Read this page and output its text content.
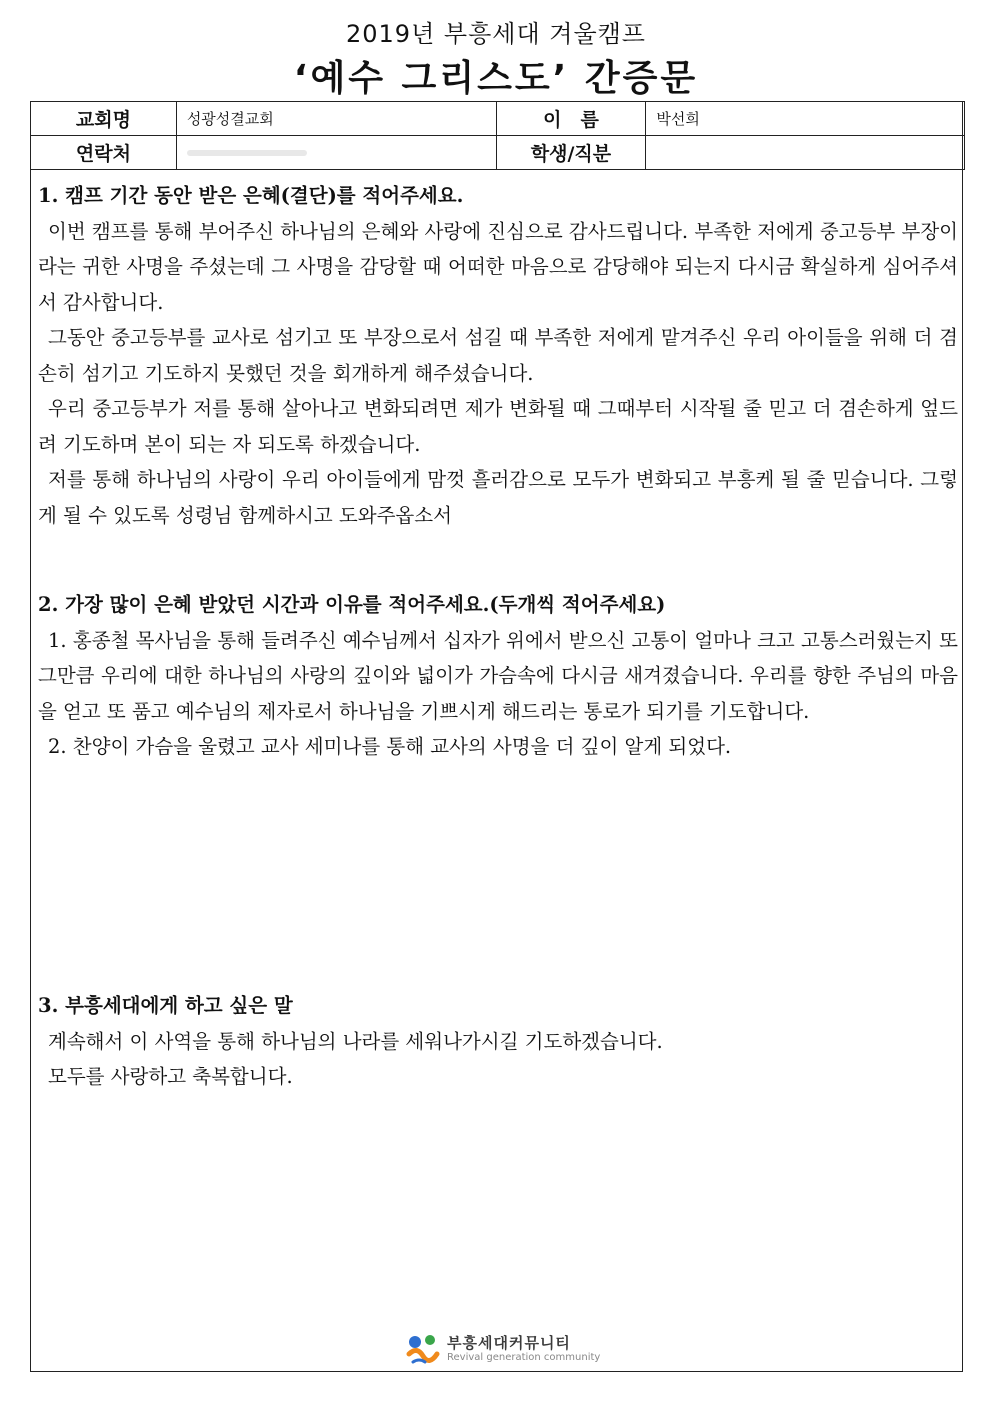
2019년 부흥세대 겨울캠프
‘예수 그리스도’ 간증문
교회명	성광성결교회	이　름	박선희
연락처		학생/직분	
1. 캠프 기간 동안 받은 은혜(결단)를 적어주세요.
이번 캠프를 통해 부어주신 하나님의 은혜와 사랑에 진심으로 감사드립니다. 부족한 저에게 중고등부 부장이라는 귀한 사명을 주셨는데 그 사명을 감당할 때 어떠한 마음으로 감당해야 되는지 다시금 확실하게 심어주셔서 감사합니다.
그동안 중고등부를 교사로 섬기고 또 부장으로서 섬길 때 부족한 저에게 맡겨주신 우리 아이들을 위해 더 겸손히 섬기고 기도하지 못했던 것을 회개하게 해주셨습니다.
우리 중고등부가 저를 통해 살아나고 변화되려면 제가 변화될 때 그때부터 시작될 줄 믿고 더 겸손하게 엎드려 기도하며 본이 되는 자 되도록 하겠습니다.
저를 통해 하나님의 사랑이 우리 아이들에게 맘껏 흘러감으로 모두가 변화되고 부흥케 될 줄 믿습니다. 그렇게 될 수 있도록 성령님 함께하시고 도와주옵소서
2. 가장 많이 은혜 받았던 시간과 이유를 적어주세요.(두개씩 적어주세요)
1. 홍종철 목사님을 통해 들려주신 예수님께서 십자가 위에서 받으신 고통이 얼마나 크고 고통스러웠는지 또 그만큼 우리에 대한 하나님의 사랑의 깊이와 넓이가 가슴속에 다시금 새겨졌습니다. 우리를 향한 주님의 마음을 얻고 또 품고 예수님의 제자로서 하나님을 기쁘시게 해드리는 통로가 되기를 기도합니다.
2. 찬양이 가슴을 울렸고 교사 세미나를 통해 교사의 사명을 더 깊이 알게 되었다.
3. 부흥세대에게 하고 싶은 말
계속해서 이 사역을 통해 하나님의 나라를 세워나가시길 기도하겠습니다.
모두를 사랑하고 축복합니다.
부흥세대커뮤니티
Revival generation community
